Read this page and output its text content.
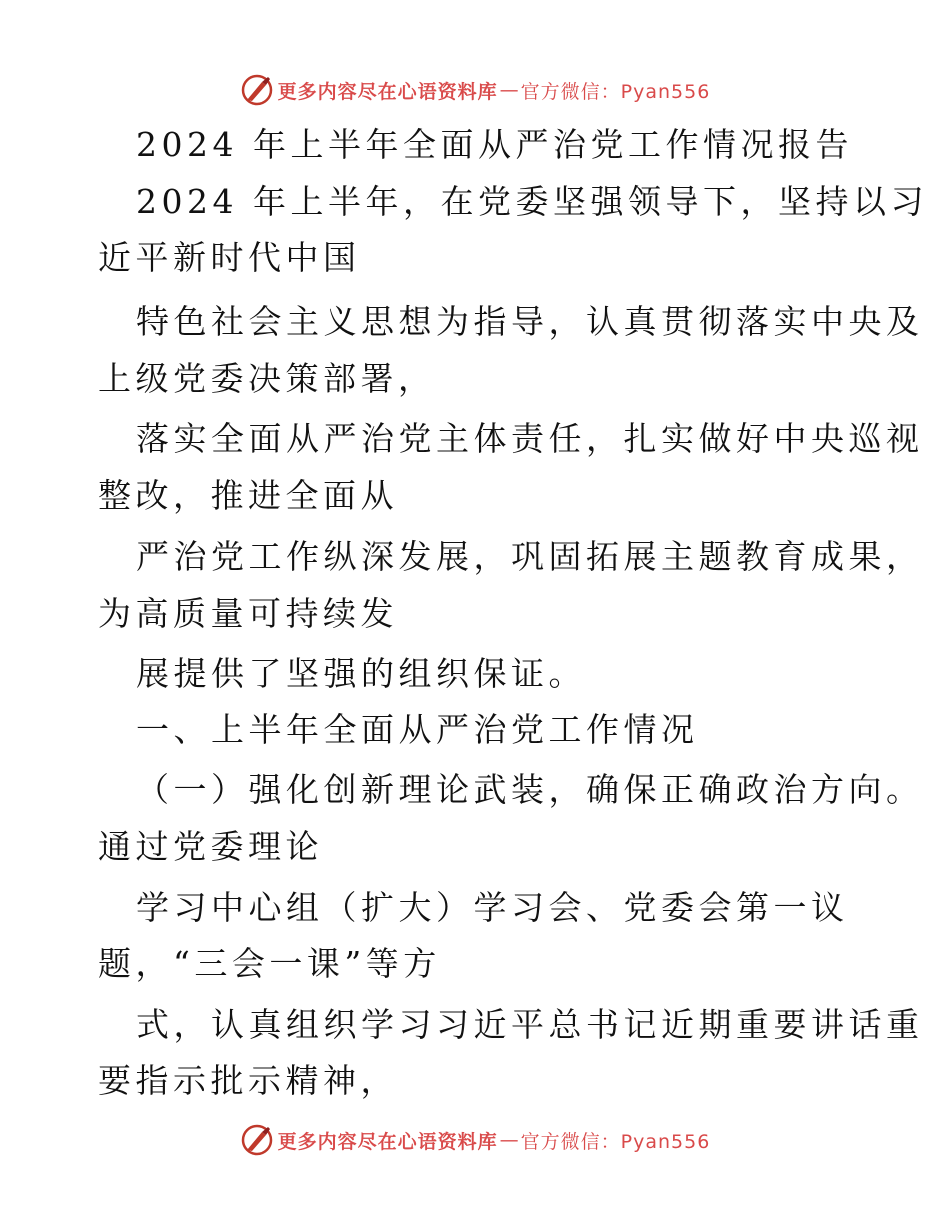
更多内容尽在心语资料库 — 官方微信：Pyan556
2024 年上半年全面从严治党工作情况报告
2024 年上半年，在党委坚强领导下，坚持以习
近平新时代中国
特色社会主义思想为指导，认真贯彻落实中央及
上级党委决策部署，
落实全面从严治党主体责任，扎实做好中央巡视
整改，推进全面从
严治党工作纵深发展，巩固拓展主题教育成果，
为高质量可持续发
展提供了坚强的组织保证。
一、上半年全面从严治党工作情况
（一）强化创新理论武装，确保正确政治方向。
通过党委理论
学习中心组（扩大）学习会、党委会第一议
题，“三会一课”等方
式，认真组织学习习近平总书记近期重要讲话重
要指示批示精神，
更多内容尽在心语资料库 — 官方微信：Pyan556
